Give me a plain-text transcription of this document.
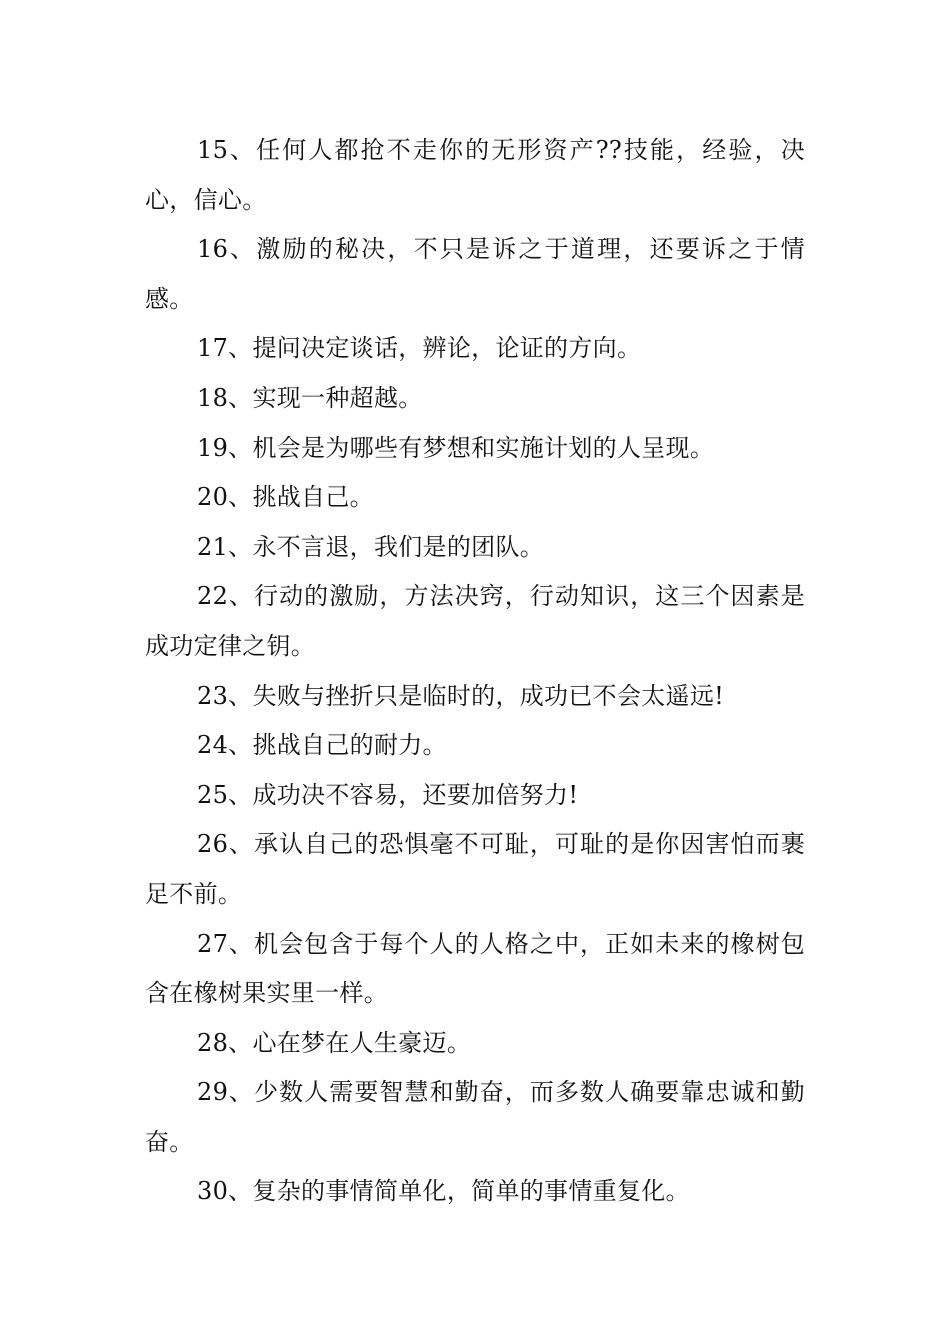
15、任何人都抢不走你的无形资产??技能，经验，决心，信心。

16、激励的秘决，不只是诉之于道理，还要诉之于情感。

17、提问决定谈话，辨论，论证的方向。

18、实现一种超越。

19、机会是为哪些有梦想和实施计划的人呈现。

20、挑战自己。

21、永不言退，我们是的团队。

22、行动的激励，方法决窍，行动知识，这三个因素是成功定律之钥。

23、失败与挫折只是临时的，成功已不会太遥远!

24、挑战自己的耐力。

25、成功决不容易，还要加倍努力!

26、承认自己的恐惧毫不可耻，可耻的是你因害怕而裹足不前。

27、机会包含于每个人的人格之中，正如未来的橡树包含在橡树果实里一样。

28、心在梦在人生豪迈。

29、少数人需要智慧和勤奋，而多数人确要靠忠诚和勤奋。

30、复杂的事情简单化，简单的事情重复化。
